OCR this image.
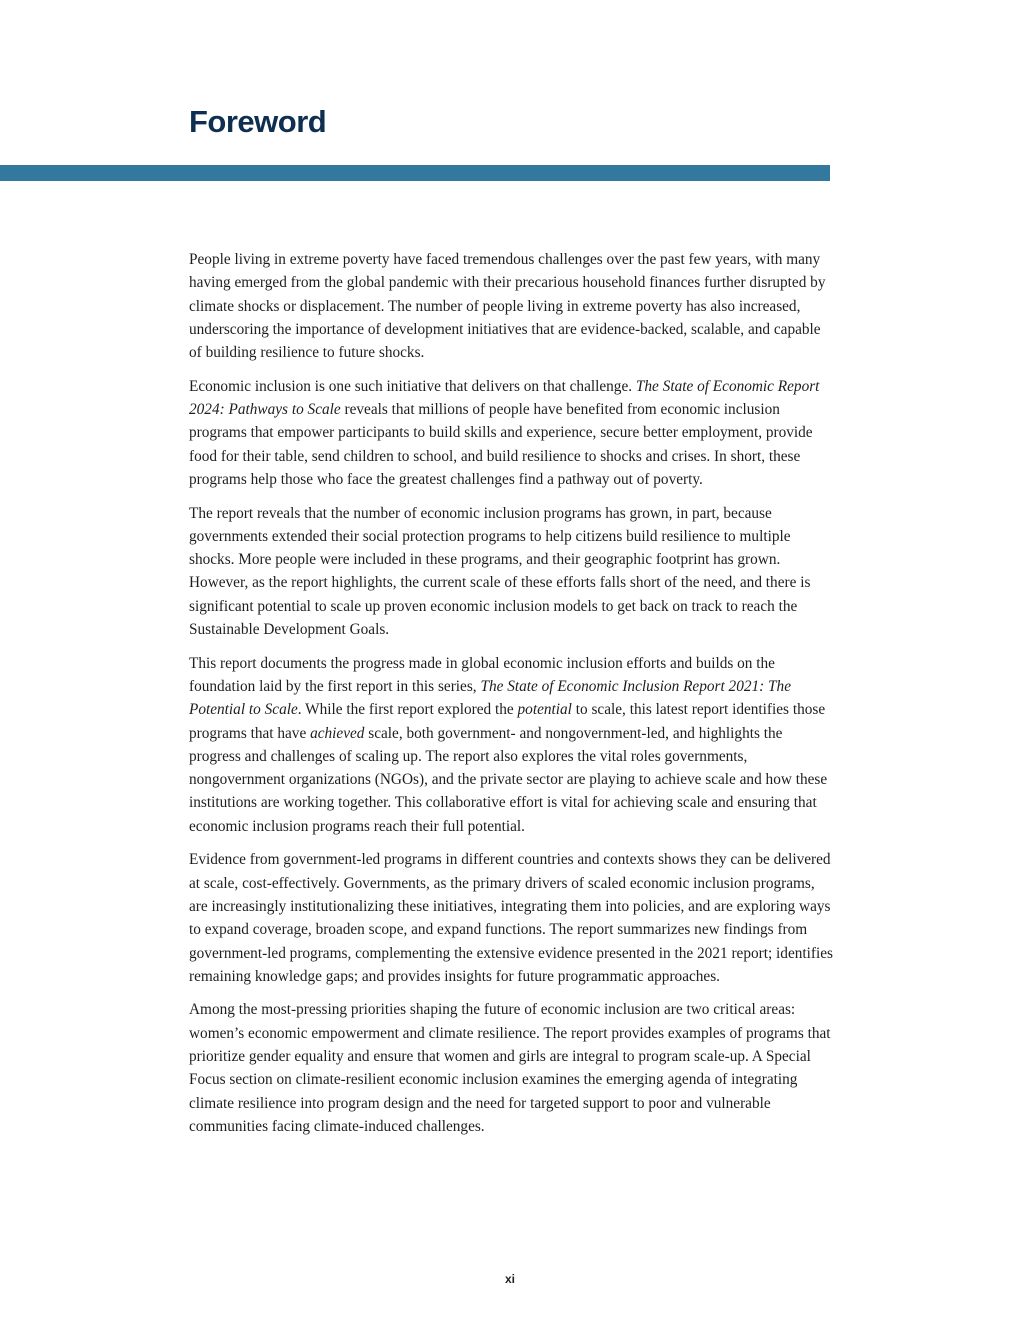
Foreword

People living in extreme poverty have faced tremendous challenges over the past few years, with many having emerged from the global pandemic with their precarious household finances further disrupted by climate shocks or displacement. The number of people living in extreme poverty has also increased, underscoring the importance of development initiatives that are evidence-backed, scalable, and capable of building resilience to future shocks.

Economic inclusion is one such initiative that delivers on that challenge. The State of Economic Report 2024: Pathways to Scale reveals that millions of people have benefited from economic inclusion programs that empower participants to build skills and experience, secure better employment, provide food for their table, send children to school, and build resilience to shocks and crises. In short, these programs help those who face the greatest challenges find a pathway out of poverty.

The report reveals that the number of economic inclusion programs has grown, in part, because governments extended their social protection programs to help citizens build resilience to multiple shocks. More people were included in these programs, and their geographic footprint has grown. However, as the report highlights, the current scale of these efforts falls short of the need, and there is significant potential to scale up proven economic inclusion models to get back on track to reach the Sustainable Development Goals.

This report documents the progress made in global economic inclusion efforts and builds on the foundation laid by the first report in this series, The State of Economic Inclusion Report 2021: The Potential to Scale. While the first report explored the potential to scale, this latest report identifies those programs that have achieved scale, both government- and nongovernment-led, and highlights the progress and challenges of scaling up. The report also explores the vital roles governments, nongovernment organizations (NGOs), and the private sector are playing to achieve scale and how these institutions are working together. This collaborative effort is vital for achieving scale and ensuring that economic inclusion programs reach their full potential.

Evidence from government-led programs in different countries and contexts shows they can be delivered at scale, cost-effectively. Governments, as the primary drivers of scaled economic inclusion programs, are increasingly institutionalizing these initiatives, integrating them into policies, and are exploring ways to expand coverage, broaden scope, and expand functions. The report summarizes new findings from government-led programs, complementing the extensive evidence presented in the 2021 report; identifies remaining knowledge gaps; and provides insights for future programmatic approaches.

Among the most-pressing priorities shaping the future of economic inclusion are two critical areas: women’s economic empowerment and climate resilience. The report provides examples of programs that prioritize gender equality and ensure that women and girls are integral to program scale-up. A Special Focus section on climate-resilient economic inclusion examines the emerging agenda of integrating climate resilience into program design and the need for targeted support to poor and vulnerable communities facing climate-induced challenges.

xi
